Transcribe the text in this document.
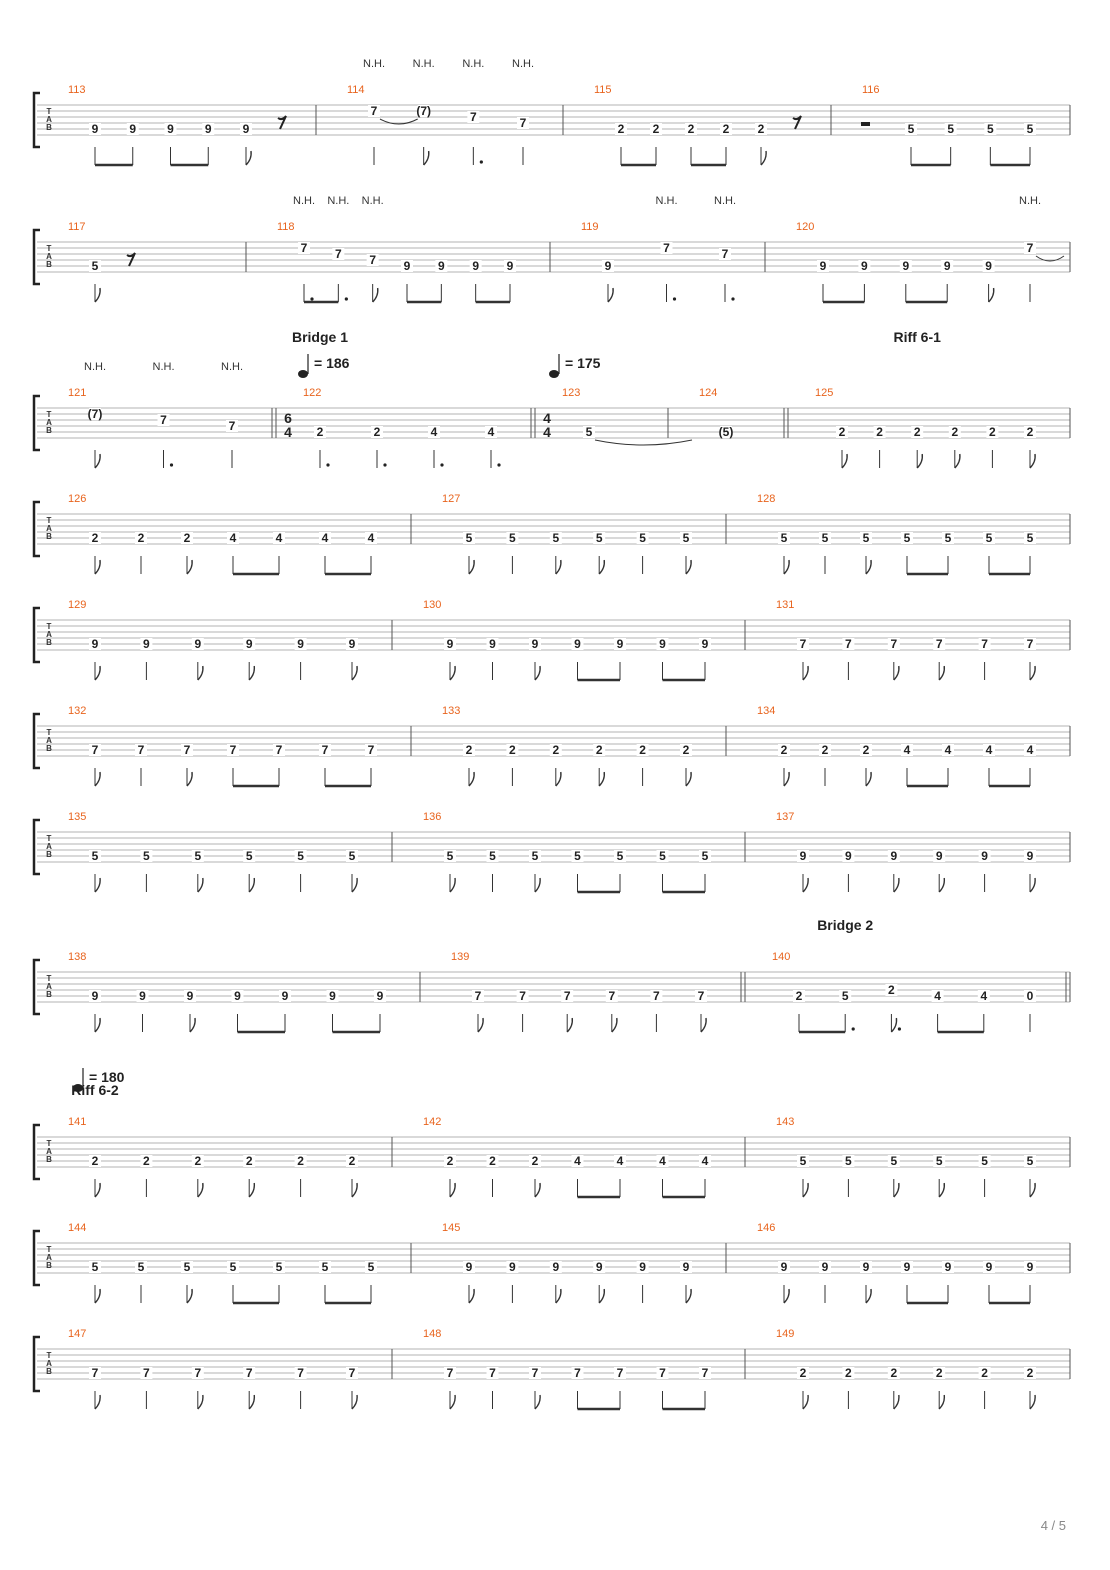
T
A
B
113
9	9	9	9	9
114
7	(7)	7	7
115
2 2 2 2 2
116
5	5	5	5
N.H.	N.H.	N.H.	N.H.
T
A
B
117
5
118
7 7 7 9 9 9 9
119
9
7	7
120
9	9	9	9	9
7
N.H. N.H. N.H.	N.H.	N.H.	N.H.
T
A
B
121
(7)	7	7
122
6
4 2	2	4	4
123
4
4	5
124
(5)
125
2	2	2	2	2	2
N.H.	N.H.	N.H.
Bridge 1
= 186	= 175
Riff 6-1
T
A
B
126
2	2	2	4	4	4	4
127
5	5	5	5	5	5
128
5	5	5	5	5	5	5
T
A
B
129
9	9	9	9	9	9
130
9	9	9	9	9	9	9
131
7	7	7	7	7	7
T
A
B
132
7	7	7	7	7	7	7
133
2	2	2	2	2	2
134
2	2	2	4	4	4	4
T
A
B
135
5	5	5	5	5	5
136
5	5	5	5	5	5	5
137
9	9	9	9	9	9
T
A
B
138
9	9	9	9	9	9	9
139
7	7	7	7	7	7
140
2	5	2	4	4	0
Bridge 2
T
A
B
141
2	2	2	2	2	2
142
2	2	2	4	4	4	4
143
5	5	5	5	5	5
= 180
Riff 6-2
T
A
B
144
5	5	5	5	5	5	5
145
9	9	9	9	9	9
146
9	9	9	9	9	9	9
T
A
B
147
7	7	7	7	7	7
148
7	7	7	7	7	7	7
149
2	2	2	2	2	2
4 / 5
